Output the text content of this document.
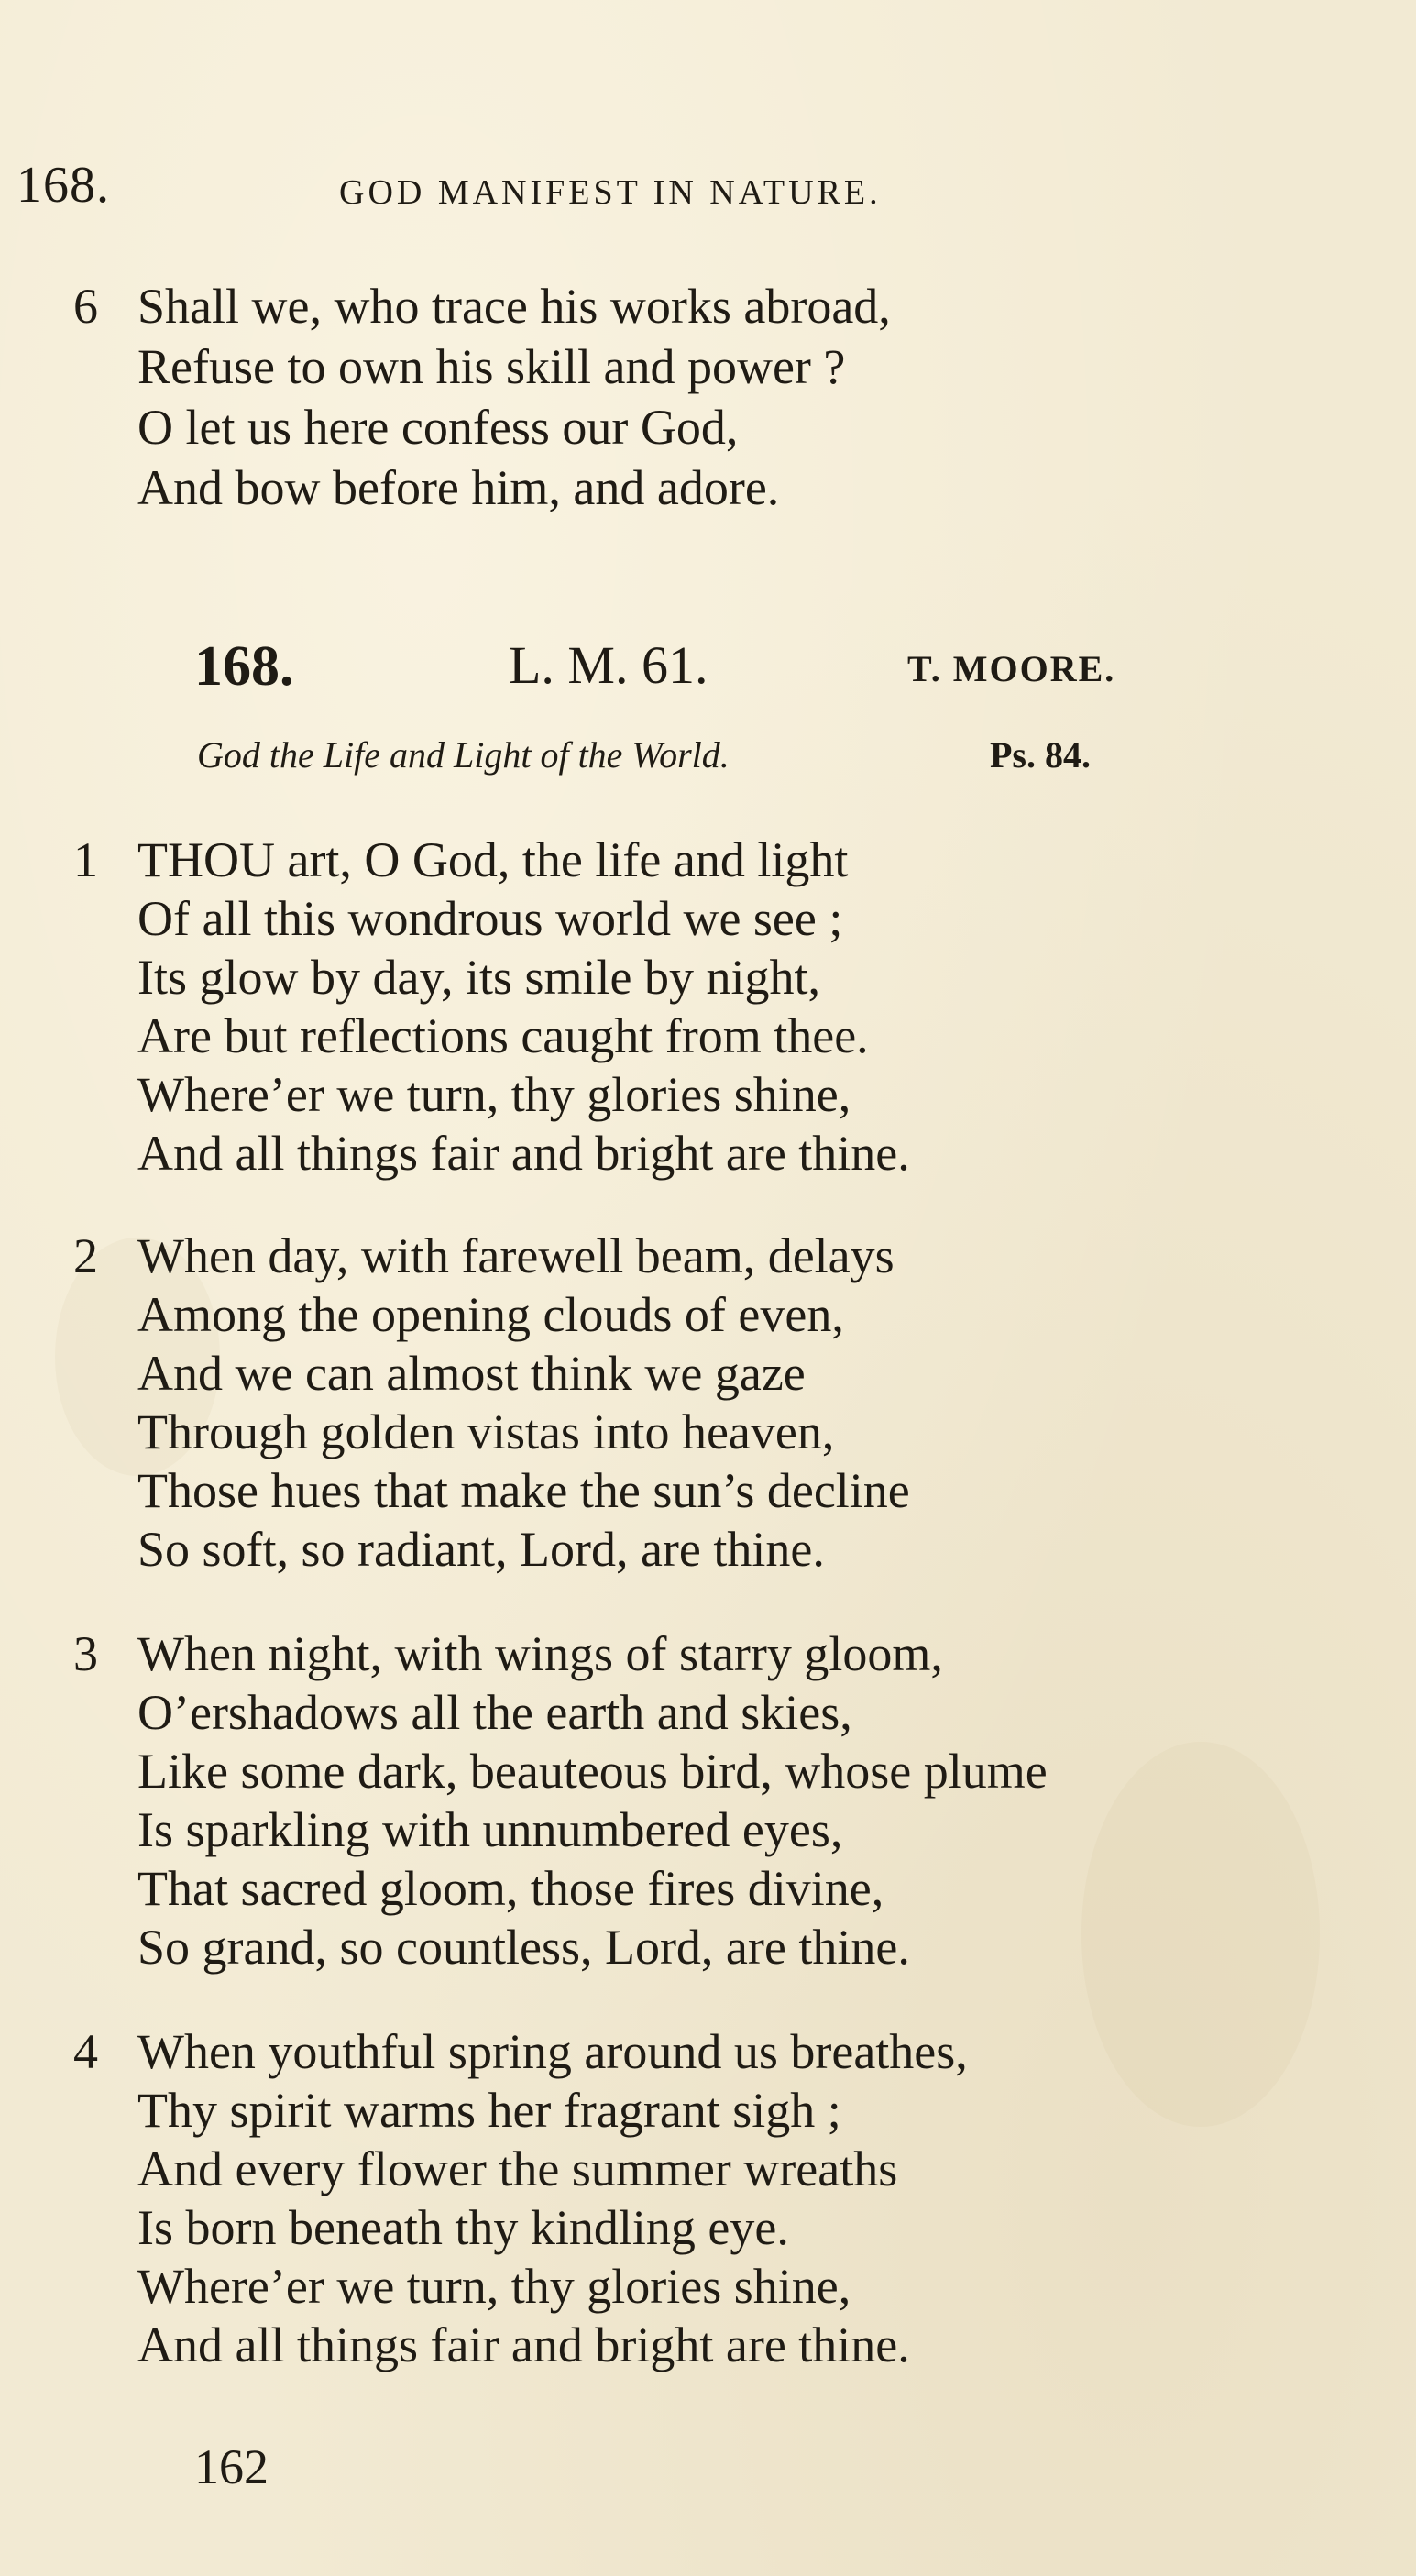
168.	GOD MANIFEST IN NATURE.
6 Shall we, who trace his works abroad,
Refuse to own his skill and power ?
O let us here confess our God,
And bow before him, and adore.
168.	L. M. 61.	T. MOORE.
God the Life and Light of the World.	Ps. 84.
1 THOU art, O God, the life and light
Of all this wondrous world we see ;
Its glow by day, its smile by night,
Are but reflections caught from thee.
Where’er we turn, thy glories shine,
And all things fair and bright are thine.
2 When day, with farewell beam, delays
Among the opening clouds of even,
And we can almost think we gaze
Through golden vistas into heaven,
Those hues that make the sun’s decline
So soft, so radiant, Lord, are thine.
3 When night, with wings of starry gloom,
O’ershadows all the earth and skies,
Like some dark, beauteous bird, whose plume
Is sparkling with unnumbered eyes,
That sacred gloom, those fires divine,
So grand, so countless, Lord, are thine.
4 When youthful spring around us breathes,
Thy spirit warms her fragrant sigh ;
And every flower the summer wreaths
Is born beneath thy kindling eye.
Where’er we turn, thy glories shine,
And all things fair and bright are thine.
162
